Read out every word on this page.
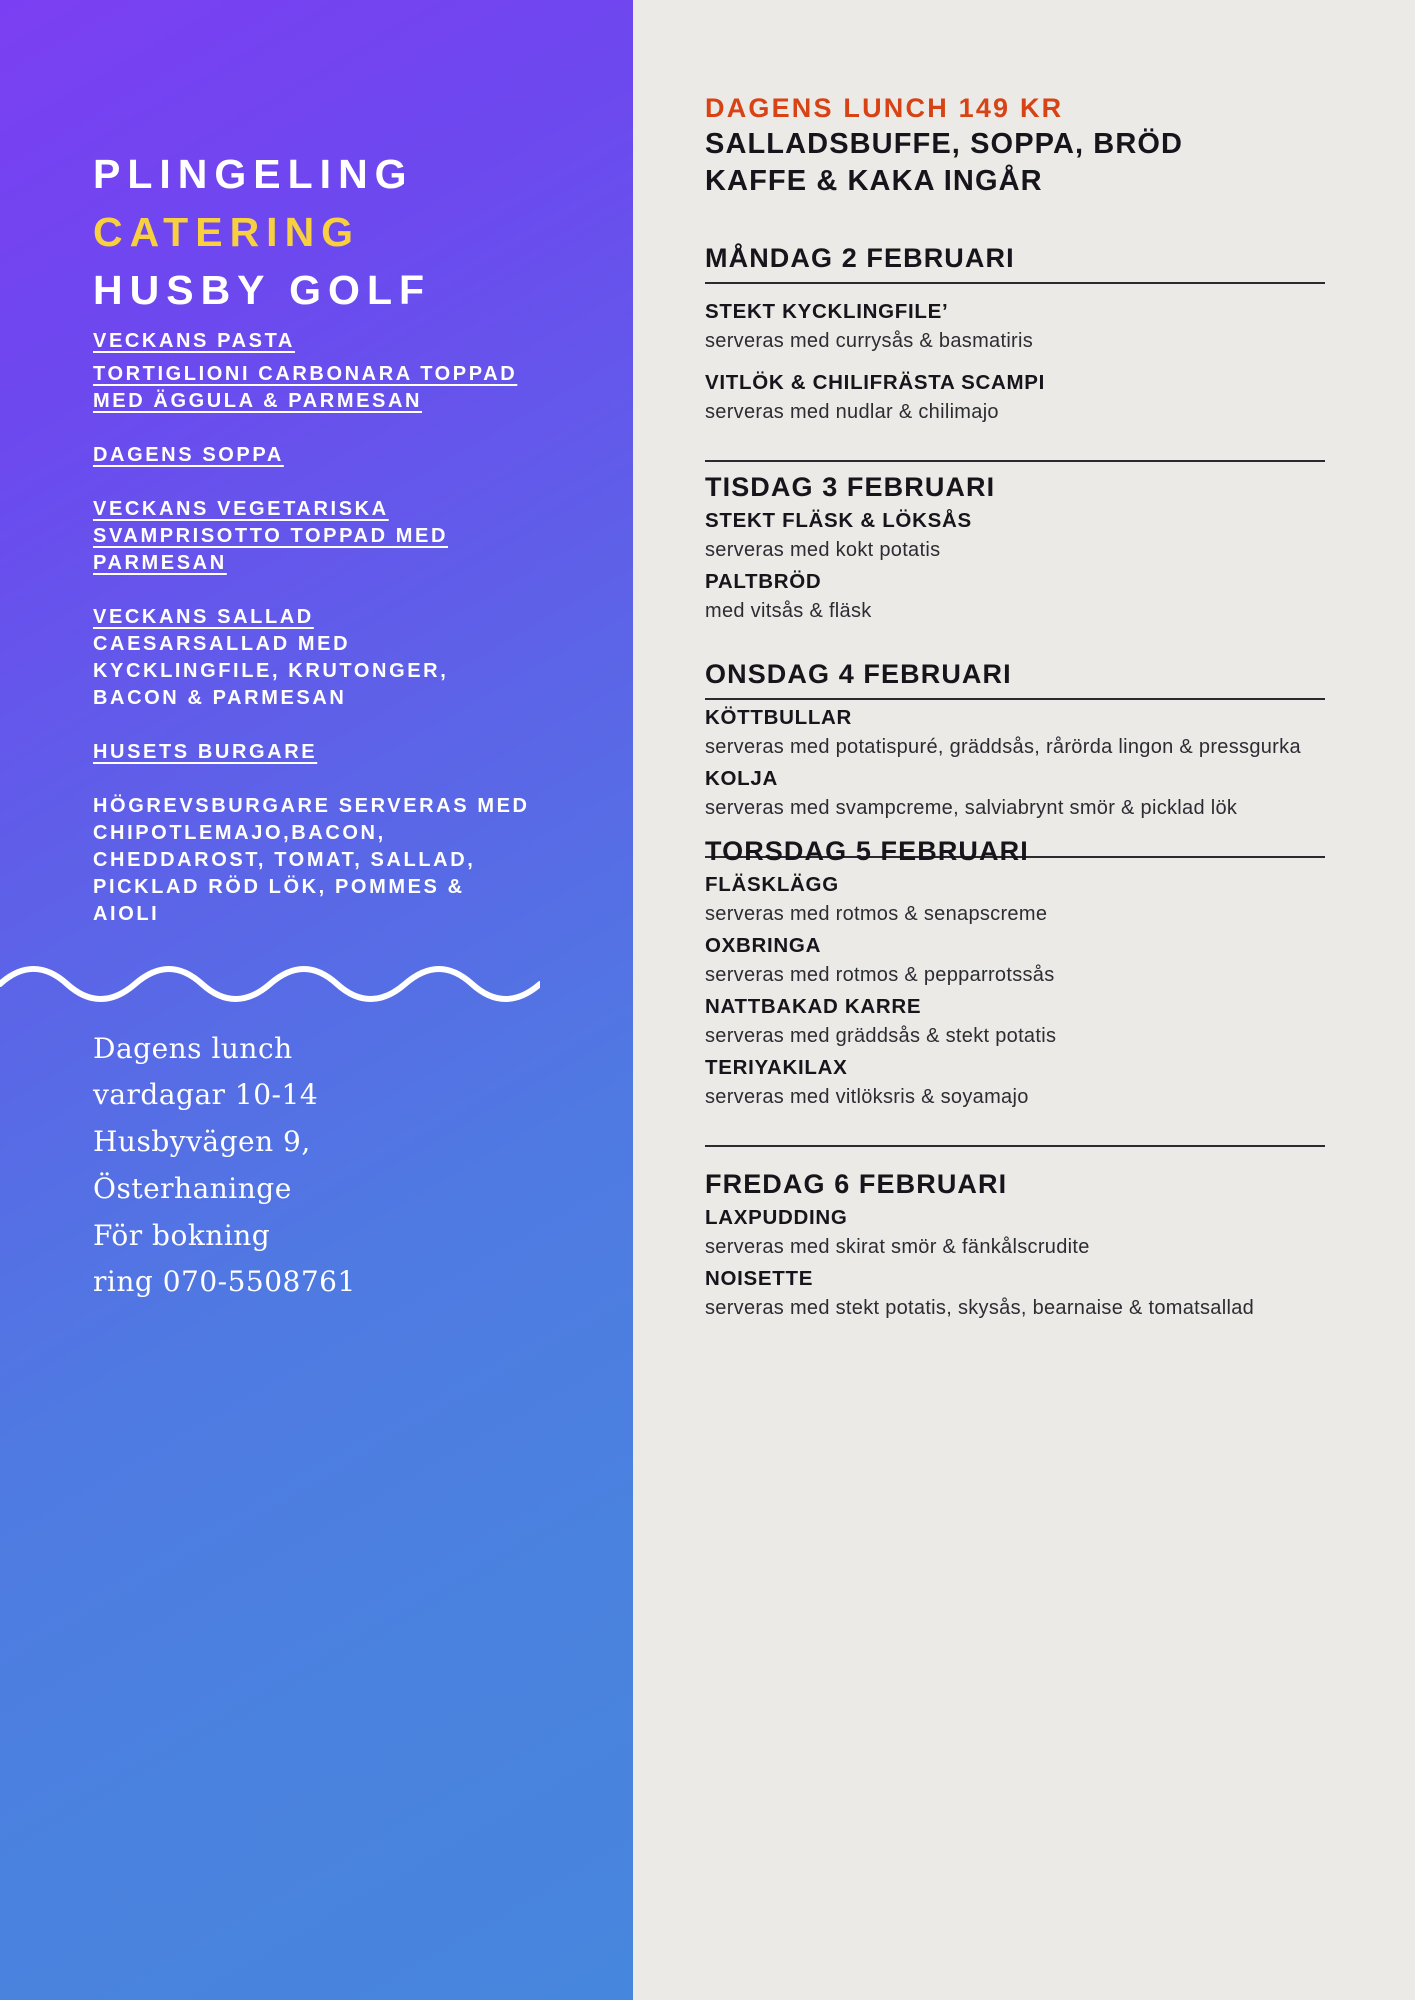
PLINGELING
CATERING
HUSBY GOLF
VECKANS PASTA
TORTIGLIONI CARBONARA TOPPAD MED ÄGGULA & PARMESAN
DAGENS SOPPA
VECKANS VEGETARISKA
SVAMPRISOTTO TOPPAD MED PARMESAN
VECKANS SALLAD
CAESARSALLAD MED KYCKLINGFILE, KRUTONGER, BACON & PARMESAN
HUSETS BURGARE
HÖGREVSBURGARE SERVERAS MED CHIPOTLEMAJO,BACON, CHEDDAROST, TOMAT, SALLAD, PICKLAD RÖD LÖK, POMMES & AIOLI
Dagens lunch
vardagar 10-14
Husbyvägen 9,
Österhaninge
För bokning
ring 070-5508761
DAGENS LUNCH 149 KR
SALLADSBUFFE, SOPPA, BRÖD
KAFFE & KAKA INGÅR
MÅNDAG 2 FEBRUARI
STEKT KYCKLINGFILE’
serveras med currysås & basmatiris
VITLÖK & CHILIFRÄSTA SCAMPI
serveras med nudlar & chilimajo
TISDAG 3 FEBRUARI
STEKT FLÄSK & LÖKSÅS
serveras med kokt potatis
PALTBRÖD
med vitsås & fläsk
ONSDAG 4 FEBRUARI
KÖTTBULLAR
serveras med potatispuré, gräddsås, rårörda lingon & pressgurka
KOLJA
serveras med svampcreme, salviabrynt smör & picklad lök
TORSDAG 5 FEBRUARI
FLÄSKLÄGG
serveras med rotmos & senapscreme
OXBRINGA
serveras med rotmos & pepparrotssås
NATTBAKAD KARRE
serveras med gräddsås & stekt potatis
TERIYAKILAX
serveras med vitlöksris & soyamajo
FREDAG 6 FEBRUARI
LAXPUDDING
serveras med skirat smör & fänkålscrudite
NOISETTE
serveras med stekt potatis, skysås, bearnaise & tomatsallad
